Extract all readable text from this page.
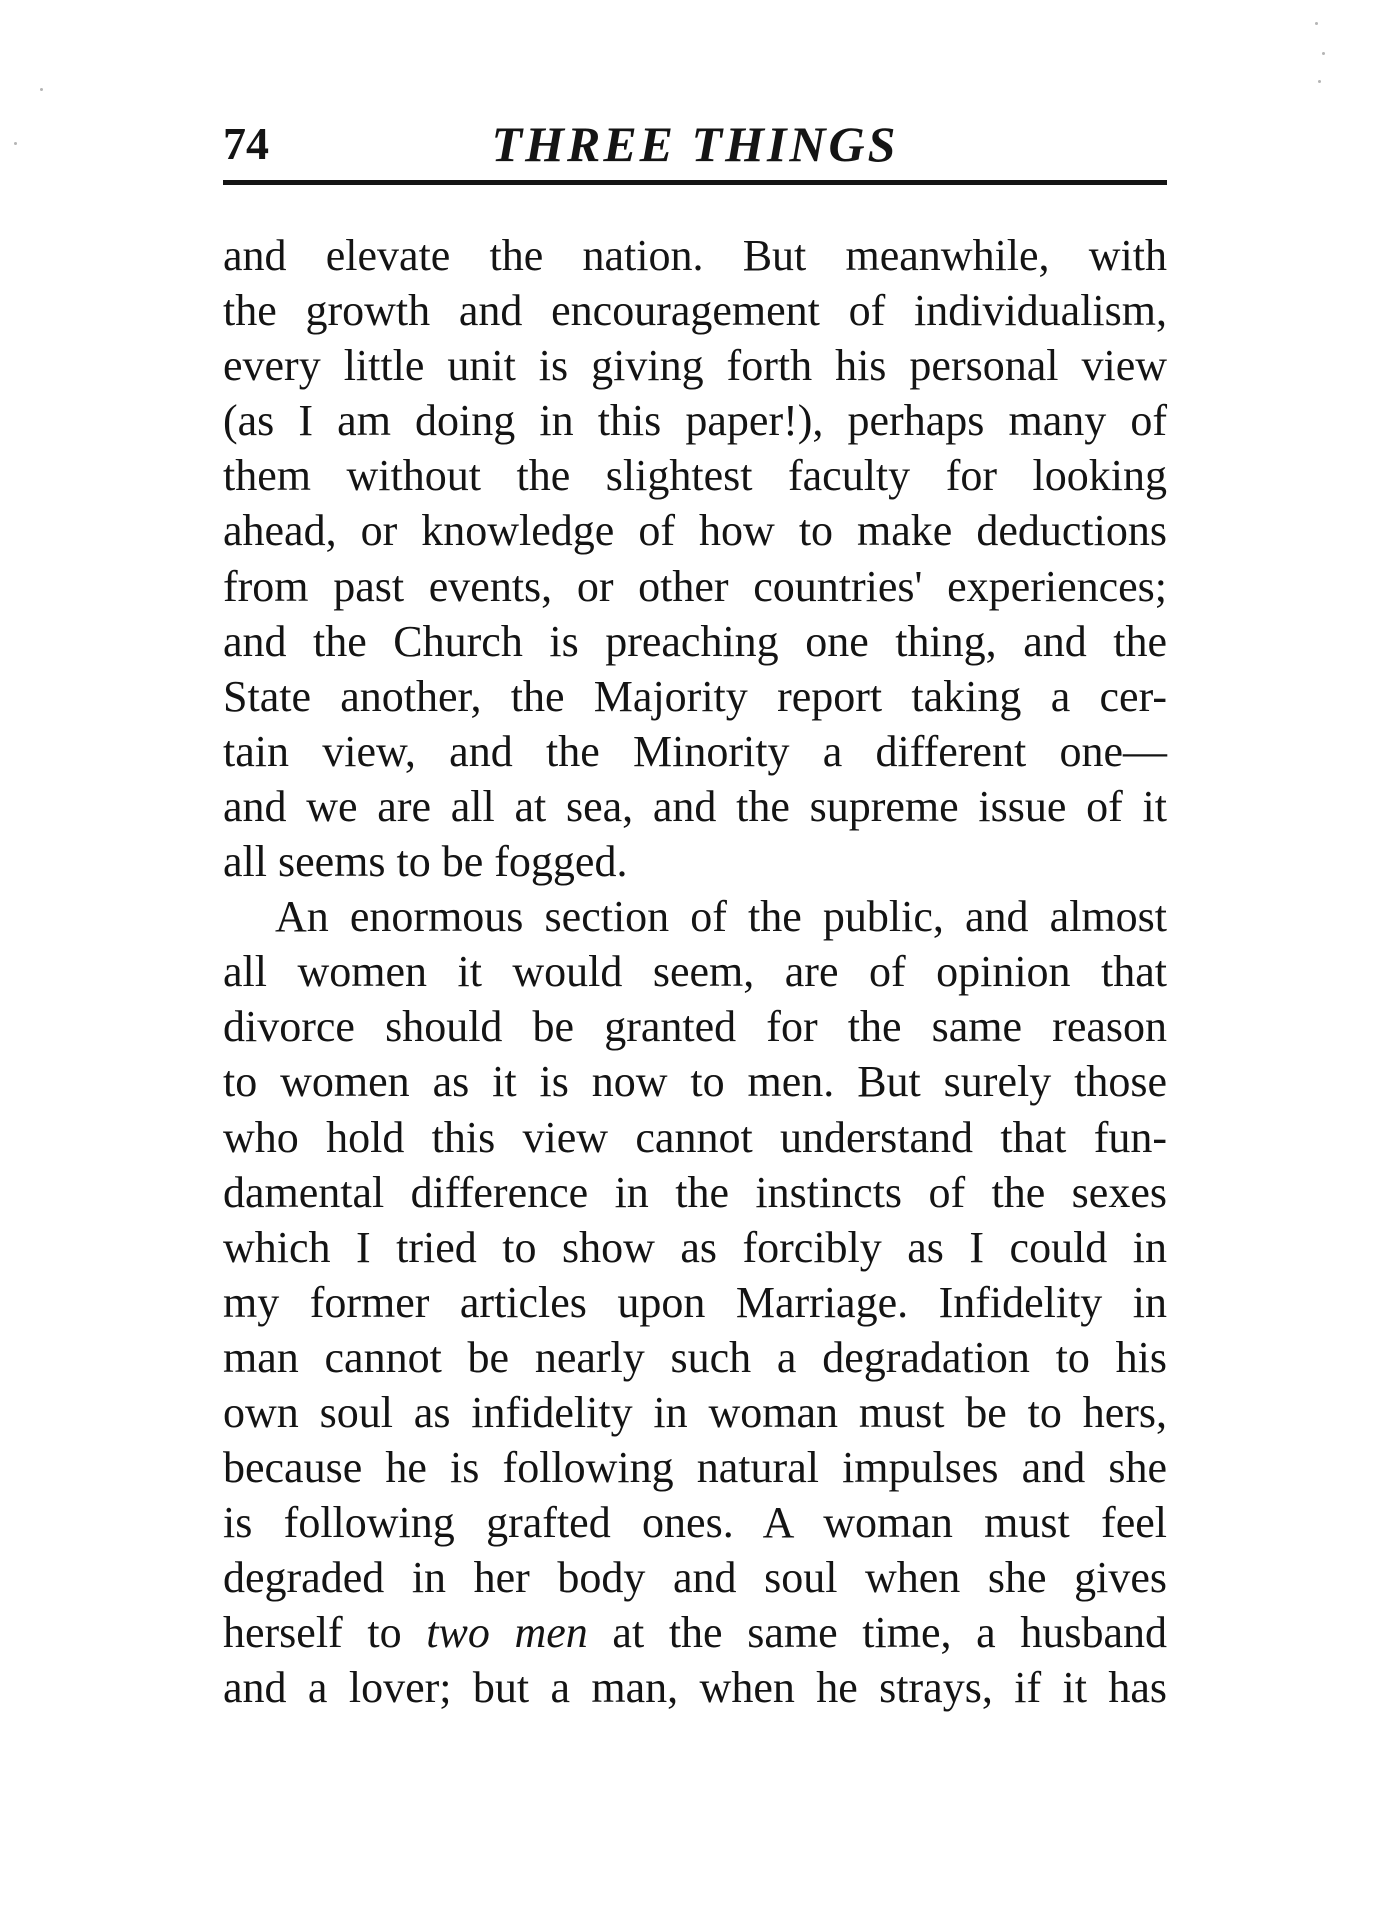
74	THREE THINGS
and elevate the nation. But meanwhile, with
the growth and encouragement of individualism,
every little unit is giving forth his personal view
(as I am doing in this paper!), perhaps many of
them without the slightest faculty for looking
ahead, or knowledge of how to make deductions
from past events, or other countries' experiences;
and the Church is preaching one thing, and the
State another, the Majority report taking a cer-
tain view, and the Minority a different one—
and we are all at sea, and the supreme issue of it
all seems to be fogged.
An enormous section of the public, and almost
all women it would seem, are of opinion that
divorce should be granted for the same reason
to women as it is now to men. But surely those
who hold this view cannot understand that fun-
damental difference in the instincts of the sexes
which I tried to show as forcibly as I could in
my former articles upon Marriage. Infidelity in
man cannot be nearly such a degradation to his
own soul as infidelity in woman must be to hers,
because he is following natural impulses and she
is following grafted ones. A woman must feel
degraded in her body and soul when she gives
herself to two men at the same time, a husband
and a lover; but a man, when he strays, if it has
